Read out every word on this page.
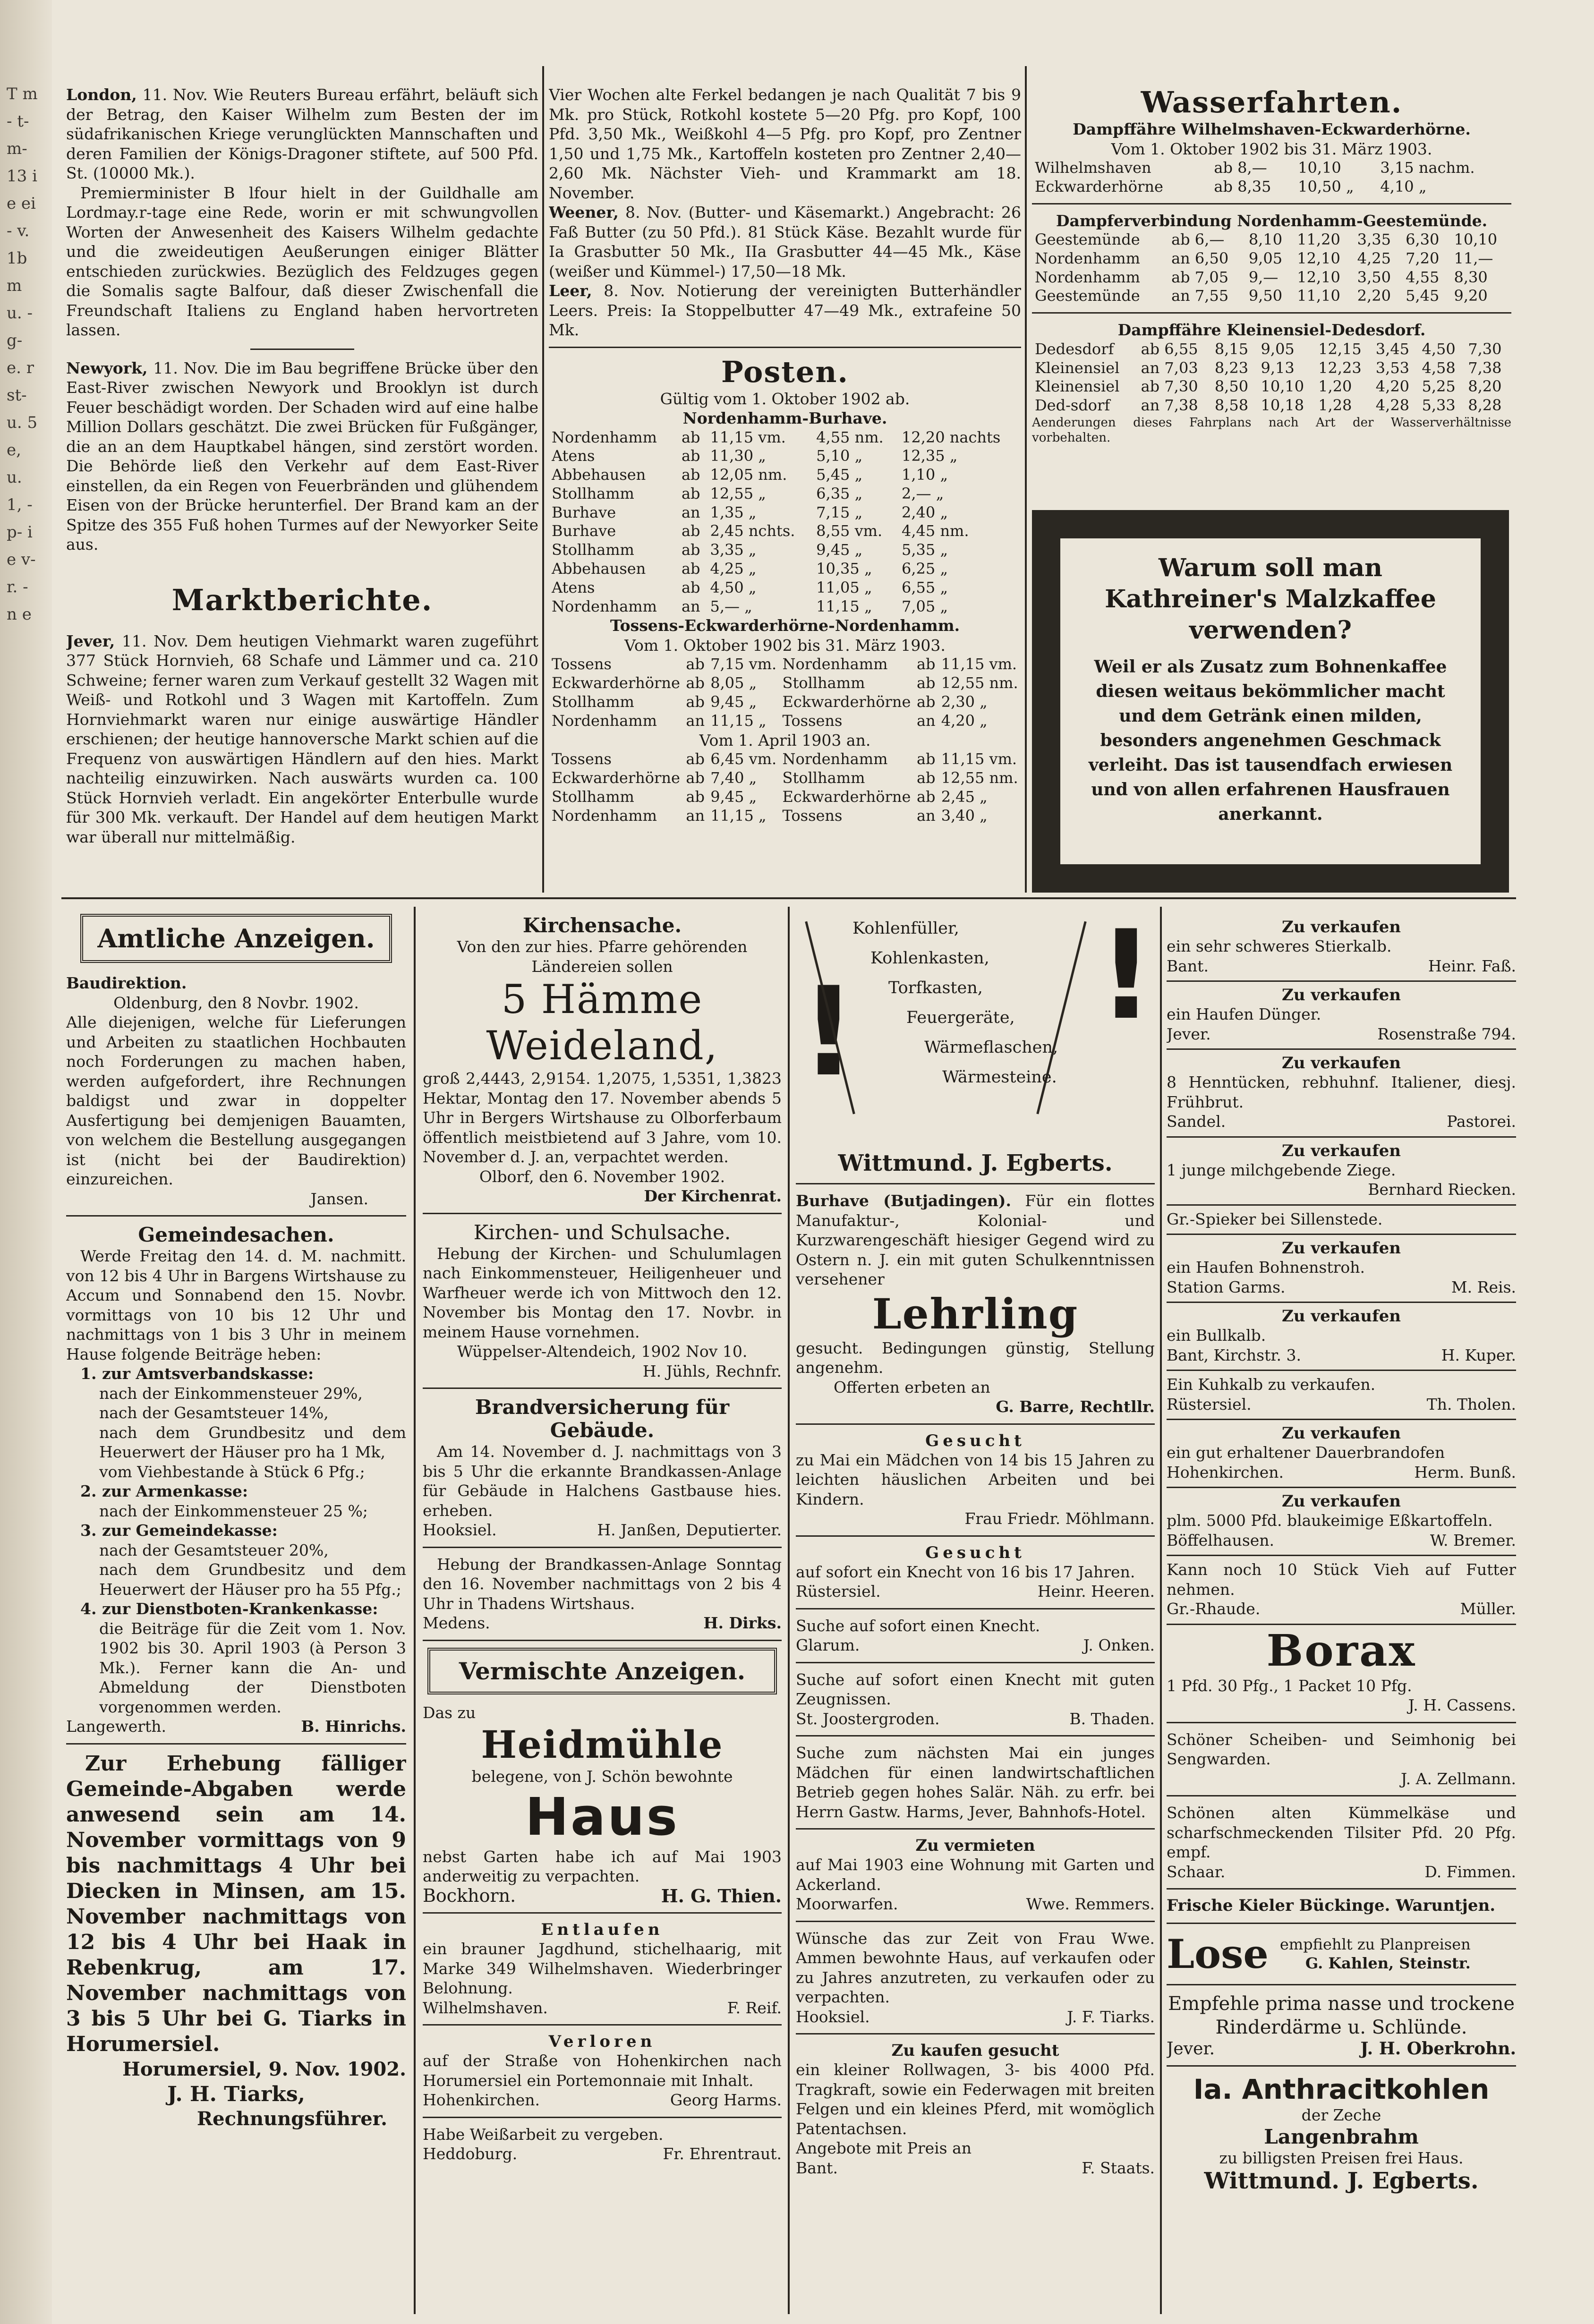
T m- t- m- 13 ie ei- v. 1b m u. - g- e. rst- u. 5 e, u. 1, - p- ie v- r. - n e

London, 11. Nov. Wie Reuters Bureau erfährt, beläuft sich der Betrag, den Kaiser Wilhelm zum Besten der im südafrikanischen Kriege verunglückten Mannschaften und deren Familien der Königs-Dragoner stiftete, auf 500 Pfd. St. (10000 Mk.).

Premierminister B lfour hielt in der Guildhalle am Lordmay.r-tage eine Rede, worin er mit schwungvollen Worten der Anwesenheit des Kaisers Wilhelm gedachte und die zweideutigen Aeußerungen einiger Blätter entschieden zurückwies. Bezüglich des Feldzuges gegen die Somalis sagte Balfour, daß dieser Zwischenfall die Freundschaft Italiens zu England haben hervortreten lassen.

Newyork, 11. Nov. Die im Bau begriffene Brücke über den East-River zwischen Newyork und Brooklyn ist durch Feuer beschädigt worden. Der Schaden wird auf eine halbe Million Dollars geschätzt. Die zwei Brücken für Fußgänger, die an an dem Hauptkabel hängen, sind zerstört worden. Die Behörde ließ den Verkehr auf dem East-River einstellen, da ein Regen von Feuerbränden und glühendem Eisen von der Brücke herunterfiel. Der Brand kam an der Spitze des 355 Fuß hohen Turmes auf der Newyorker Seite aus.

Marktberichte.

Jever, 11. Nov. Dem heutigen Viehmarkt waren zugeführt 377 Stück Hornvieh, 68 Schafe und Lämmer und ca. 210 Schweine; ferner waren zum Verkauf gestellt 32 Wagen mit Weiß- und Rotkohl und 3 Wagen mit Kartoffeln. Zum Hornviehmarkt waren nur einige auswärtige Händler erschienen; der heutige hannoversche Markt schien auf die Frequenz von auswärtigen Händlern auf den hies. Markt nachteilig einzuwirken. Nach auswärts wurden ca. 100 Stück Hornvieh verladt. Ein angekörter Enterbulle wurde für 300 Mk. verkauft. Der Handel auf dem heutigen Markt war überall nur mittelmäßig.

Vier Wochen alte Ferkel bedangen je nach Qualität 7 bis 9 Mk. pro Stück, Rotkohl kostete 5—20 Pfg. pro Kopf, 100 Pfd. 3,50 Mk., Weißkohl 4—5 Pfg. pro Kopf, pro Zentner 1,50 und 1,75 Mk., Kartoffeln kosteten pro Zentner 2,40—2,60 Mk. Nächster Vieh- und Krammarkt am 18. November.

Weener, 8. Nov. (Butter- und Käsemarkt.) Angebracht: 26 Faß Butter (zu 50 Pfd.). 81 Stück Käse. Bezahlt wurde für Ia Grasbutter 50 Mk., IIa Grasbutter 44—45 Mk., Käse (weißer und Kümmel-) 17,50—18 Mk.

Leer, 8. Nov. Notierung der vereinigten Butterhändler Leers. Preis: Ia Stoppelbutter 47—49 Mk., extrafeine 50 Mk.

Posten.

Gültig vom 1. Oktober 1902 ab.

Nordenhamm-Burhave.

Nordenhamm	ab	11,15 vm.	4,55 nm.	12,20 nachts
Atens	ab	11,30 „	5,10 „	12,35 „
Abbehausen	ab	12,05 nm.	5,45 „	1,10 „
Stollhamm	ab	12,55 „	6,35 „	2,— „
Burhave	an	1,35 „	7,15 „	2,40 „
Burhave	ab	2,45 nchts.	8,55 vm.	4,45 nm.
Stollhamm	ab	3,35 „	9,45 „	5,35 „
Abbehausen	ab	4,25 „	10,35 „	6,25 „
Atens	ab	4,50 „	11,05 „	6,55 „
Nordenhamm	an	5,— „	11,15 „	7,05 „

Tossens-Eckwarderhörne-Nordenhamm.

Vom 1. Oktober 1902 bis 31. März 1903.

Tossens	ab	7,15 vm.	Nordenhamm	ab	11,15 vm.
Eckwarderhörne	ab	8,05 „	Stollhamm	ab	12,55 nm.
Stollhamm	ab	9,45 „	Eckwarderhörne	ab	2,30 „
Nordenhamm	an	11,15 „	Tossens	an	4,20 „

Vom 1. April 1903 an.

Tossens	ab	6,45 vm.	Nordenhamm	ab	11,15 vm.
Eckwarderhörne	ab	7,40 „	Stollhamm	ab	12,55 nm.
Stollhamm	ab	9,45 „	Eckwarderhörne	ab	2,45 „
Nordenhamm	an	11,15 „	Tossens	an	3,40 „

Wasserfahrten.

Dampffähre Wilhelmshaven-Eckwarderhörne.

Vom 1. Oktober 1902 bis 31. März 1903.

Wilhelmshaven	ab 8,—	10,10	3,15 nachm.
Eckwarderhörne	ab 8,35	10,50 „	4,10 „

Dampferverbindung Nordenhamm-Geestemünde.

Geestemünde	ab 6,—	8,10	11,20	3,35	6,30	10,10
Nordenhamm	an 6,50	9,05	12,10	4,25	7,20	11,—
Nordenhamm	ab 7,05	9,—	12,10	3,50	4,55	8,30
Geestemünde	an 7,55	9,50	11,10	2,20	5,45	9,20

Dampffähre Kleinensiel-Dedesdorf.

Dedesdorf	ab 6,55	8,15	9,05	12,15	3,45	4,50	7,30
Kleinensiel	an 7,03	8,23	9,13	12,23	3,53	4,58	7,38
Kleinensiel	ab 7,30	8,50	10,10	1,20	4,20	5,25	8,20
Ded-sdorf	an 7,38	8,58	10,18	1,28	4,28	5,33	8,28

Aenderungen dieses Fahrplans nach Art der Wasserverhältnisse vorbehalten.

Warum soll man Kathreiner's Malzkaffee verwenden?

Weil er als Zusatz zum Bohnenkaffee diesen weitaus bekömmlicher macht und dem Getränk einen milden, besonders angenehmen Geschmack verleiht. Das ist tausendfach erwiesen und von allen erfahrenen Hausfrauen anerkannt.

Amtliche Anzeigen.

Baudirektion.

Oldenburg, den 8 Novbr. 1902.

Alle diejenigen, welche für Lieferungen und Arbeiten zu staatlichen Hochbauten noch Forderungen zu machen haben, werden aufgefordert, ihre Rechnungen baldigst und zwar in doppelter Ausfertigung bei demjenigen Bauamten, von welchem die Bestellung ausgegangen ist (nicht bei der Baudirektion) einzureichen.

Jansen.

Gemeindesachen.

Werde Freitag den 14. d. M. nachmitt. von 12 bis 4 Uhr in Bargens Wirtshause zu Accum und Sonnabend den 15. Novbr. vormittags von 10 bis 12 Uhr und nachmittags von 1 bis 3 Uhr in meinem Hause folgende Beiträge heben:

1. zur Amtsverbandskasse:

nach der Einkommensteuer 29%,

nach der Gesamtsteuer 14%,

nach dem Grundbesitz und dem Heuerwert der Häuser pro ha 1 Mk,

vom Viehbestande à Stück 6 Pfg.;

2. zur Armenkasse:

nach der Einkommensteuer 25 %;

3. zur Gemeindekasse:

nach der Gesamtsteuer 20%,

nach dem Grundbesitz und dem Heuerwert der Häuser pro ha 55 Pfg.;

4. zur Dienstboten-Krankenkasse:

die Beiträge für die Zeit vom 1. Nov. 1902 bis 30. April 1903 (à Person 3 Mk.). Ferner kann die An- und Abmeldung der Dienstboten vorgenommen werden.

Langewerth.	B. Hinrichs.

Zur Erhebung fälliger Gemeinde-Abgaben werde anwesend sein am 14. November vormittags von 9 bis nachmittags 4 Uhr bei Diecken in Minsen, am 15. November nachmittags von 12 bis 4 Uhr bei Haak in Rebenkrug, am 17. November nachmittags von 3 bis 5 Uhr bei G. Tiarks in Horumersiel.

Horumersiel, 9. Nov. 1902.

J. H. Tiarks,

Rechnungsführer.

Kirchensache.

Von den zur hies. Pfarre gehörenden Ländereien sollen

5 Hämme Weideland,

groß 2,4443, 2,9154. 1,2075, 1,5351, 1,3823 Hektar, Montag den 17. November abends 5 Uhr in Bergers Wirtshause zu Olborferbaum öffentlich meistbietend auf 3 Jahre, vom 10. November d. J. an, verpachtet werden.

Olborf, den 6. November 1902.

Der Kirchenrat.

Kirchen- und Schulsache.

Hebung der Kirchen- und Schulumlagen nach Einkommensteuer, Heiligenheuer und Warfheuer werde ich von Mittwoch den 12. November bis Montag den 17. Novbr. in meinem Hause vornehmen.

Wüppelser-Altendeich, 1902 Nov 10.

H. Jühls, Rechnfr.

Brandversicherung für Gebäude.

Am 14. November d. J. nachmittags von 3 bis 5 Uhr die erkannte Brandkassen-Anlage für Gebäude in Halchens Gastbause hies. erheben.

Hooksiel.	H. Janßen, Deputierter.

Hebung der Brandkassen-Anlage Sonntag den 16. November nachmittags von 2 bis 4 Uhr in Thadens Wirtshaus.

Medens.	H. Dirks.

Vermischte Anzeigen.

Das zu

Heidmühle

belegene, von J. Schön bewohnte

Haus

nebst Garten habe ich auf Mai 1903 anderweitig zu verpachten.

Bockhorn.	H. G. Thien.

Entlaufen

ein brauner Jagdhund, stichelhaarig, mit Marke 349 Wilhelmshaven. Wiederbringer Belohnung.

Wilhelmshaven.	F. Reif.

Verloren

auf der Straße von Hohenkirchen nach Horumersiel ein Portemonnaie mit Inhalt.

Hohenkirchen.	Georg Harms.

Habe Weißarbeit zu vergeben.

Heddoburg.	Fr. Ehrentraut.
! !
Kohlenfüller,
Kohlenkasten,
Torfkasten,
Feuergeräte,
Wärmeflaschen,
Wärmesteine.

Wittmund. J. Egberts.

Burhave (Butjadingen). Für ein flottes Manufaktur-, Kolonial- und Kurzwarengeschäft hiesiger Gegend wird zu Ostern n. J. ein mit guten Schulkenntnissen versehener

Lehrling

gesucht. Bedingungen günstig, Stellung angenehm.

Offerten erbeten an

G. Barre, Rechtllr.

Gesucht

zu Mai ein Mädchen von 14 bis 15 Jahren zu leichten häuslichen Arbeiten und bei Kindern.

Frau Friedr. Möhlmann.

Gesucht

auf sofort ein Knecht von 16 bis 17 Jahren.

Rüstersiel.	Heinr. Heeren.

Suche auf sofort einen Knecht.

Glarum.	J. Onken.

Suche auf sofort einen Knecht mit guten Zeugnissen.

St. Joostergroden.	B. Thaden.

Suche zum nächsten Mai ein junges Mädchen für einen landwirtschaftlichen Betrieb gegen hohes Salär. Näh. zu erfr. bei Herrn Gastw. Harms, Jever, Bahnhofs-Hotel.

Zu vermieten

auf Mai 1903 eine Wohnung mit Garten und Ackerland.

Moorwarfen.	Wwe. Remmers.

Wünsche das zur Zeit von Frau Wwe. Ammen bewohnte Haus, auf verkaufen oder zu Jahres anzutreten, zu verkaufen oder zu verpachten.

Hooksiel.	J. F. Tiarks.

Zu kaufen gesucht

ein kleiner Rollwagen, 3- bis 4000 Pfd. Tragkraft, sowie ein Federwagen mit breiten Felgen und ein kleines Pferd, mit womöglich Patentachsen.

Angebote mit Preis an

Bant.	F. Staats.

Zu verkaufen

ein sehr schweres Stierkalb.

Bant.	Heinr. Faß.

Zu verkaufen

ein Haufen Dünger.

Jever.	Rosenstraße 794.

Zu verkaufen

8 Henntücken, rebhuhnf. Italiener, diesj. Frühbrut.

Sandel.	Pastorei.

Zu verkaufen

1 junge milchgebende Ziege.

Bernhard Riecken.
Gr.-Spieker bei Sillenstede.

Zu verkaufen

ein Haufen Bohnenstroh.

Station Garms.	M. Reis.

Zu verkaufen

ein Bullkalb.

Bant, Kirchstr. 3.	H. Kuper.

Ein Kuhkalb zu verkaufen.

Rüstersiel.	Th. Tholen.

Zu verkaufen

ein gut erhaltener Dauerbrandofen

Hohenkirchen.	Herm. Bunß.

Zu verkaufen

plm. 5000 Pfd. blaukeimige Eßkartoffeln.

Böffelhausen.	W. Bremer.

Kann noch 10 Stück Vieh auf Futter nehmen.

Gr.-Rhaude.	Müller.

Borax

1 Pfd. 30 Pfg., 1 Packet 10 Pfg.

J. H. Cassens.

Schöner Scheiben- und Seimhonig bei Sengwarden.

J. A. Zellmann.

Schönen alten Kümmelkäse und scharfschmeckenden Tilsiter Pfd. 20 Pfg. empf.

Schaar.	D. Fimmen.

Frische Kieler Bückinge. Waruntjen.

Lose empfiehlt zu Planpreisen
G. Kahlen, Steinstr.

Empfehle prima nasse und trockene Rinderdärme u. Schlünde.

Jever.	J. H. Oberkrohn.

Ia. Anthracitkohlen

der Zeche

Langenbrahm

zu billigsten Preisen frei Haus.

Wittmund. J. Egberts.
